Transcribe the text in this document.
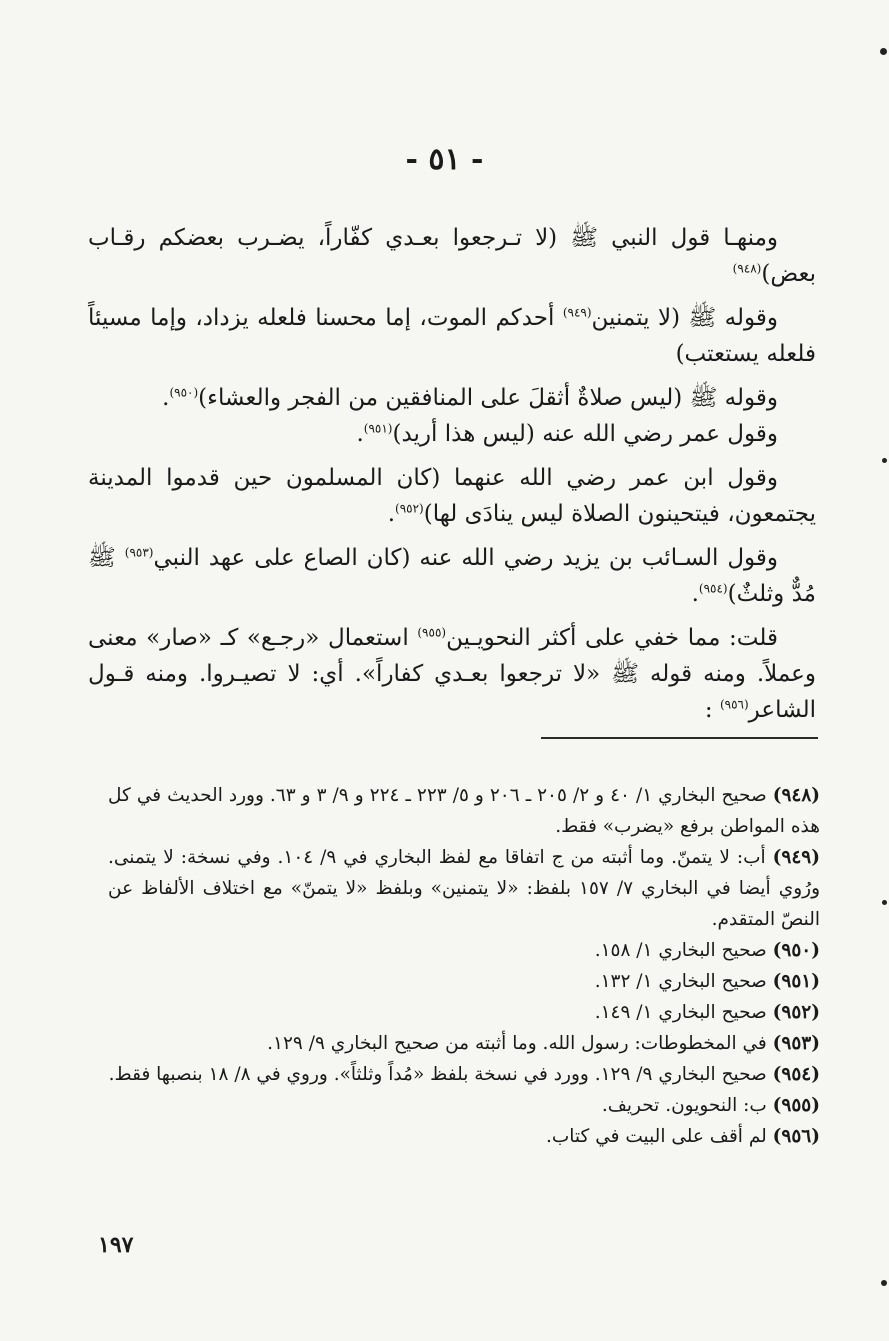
- ٥١ -

ومنهـا قول النبي ﷺ (لا تـرجعوا بعـدي كفّاراً، يضـرب بعضكم رقـاب بعض)$^{(٩٤٨)}$

وقوله ﷺ (لا يتمنين$^{(٩٤٩)}$ أحدكم الموت، إما محسنا فلعله يزداد، وإما مسيئاً فلعله يستعتب)

وقوله ﷺ (ليس صلاةٌ أثقلَ على المنافقين من الفجر والعشاء)$^{(٩٥٠)}$.

وقول عمر رضي الله عنه (ليس هذا أريد)$^{(٩٥١)}$.

وقول ابن عمر رضي الله عنهما (كان المسلمون حين قدموا المدينة يجتمعون، فيتحينون الصلاة ليس ينادَى لها)$^{(٩٥٢)}$.

وقول السـائب بن يزيد رضي الله عنه (كان الصاع على عهد النبي$^{(٩٥٣)}$ ﷺ مُدٌّ وثلثٌ)$^{(٩٥٤)}$.

قلت: مما خفي على أكثر النحويـين$^{(٩٥٥)}$ استعمال «رجـع» كـ «صار» معنى وعملاً. ومنه قوله ﷺ «لا ترجعوا بعـدي كفاراً». أي: لا تصيـروا. ومنه قـول الشاعر$^{(٩٥٦)}$ :

(٩٤٨) صحيح البخاري ١/ ٤٠ و ٢/ ٢٠٥ ـ ٢٠٦ و ٥/ ٢٢٣ ـ ٢٢٤ و ٩/ ٣ و ٦٣. وورد الحديث في كل هذه المواطن برفع «يضرب» فقط.

(٩٤٩) أب: لا يتمنّ. وما أثبته من ج اتفاقا مع لفظ البخاري في ٩/ ١٠٤. وفي نسخة: لا يتمنى. ورُوي أيضا في البخاري ٧/ ١٥٧ بلفظ: «لا يتمنين» وبلفظ «لا يتمنّ» مع اختلاف الألفاظ عن النصّ المتقدم.

(٩٥٠) صحيح البخاري ١/ ١٥٨.

(٩٥١) صحيح البخاري ١/ ١٣٢.

(٩٥٢) صحيح البخاري ١/ ١٤٩.

(٩٥٣) في المخطوطات: رسول الله. وما أثبته من صحيح البخاري ٩/ ١٢٩.

(٩٥٤) صحيح البخاري ٩/ ١٢٩. وورد في نسخة بلفظ «مُداً وثلثاً». وروي في ٨/ ١٨ بنصبها فقط.

(٩٥٥) ب: النحويون. تحريف.

(٩٥٦) لم أقف على البيت في كتاب.

١٩٧
